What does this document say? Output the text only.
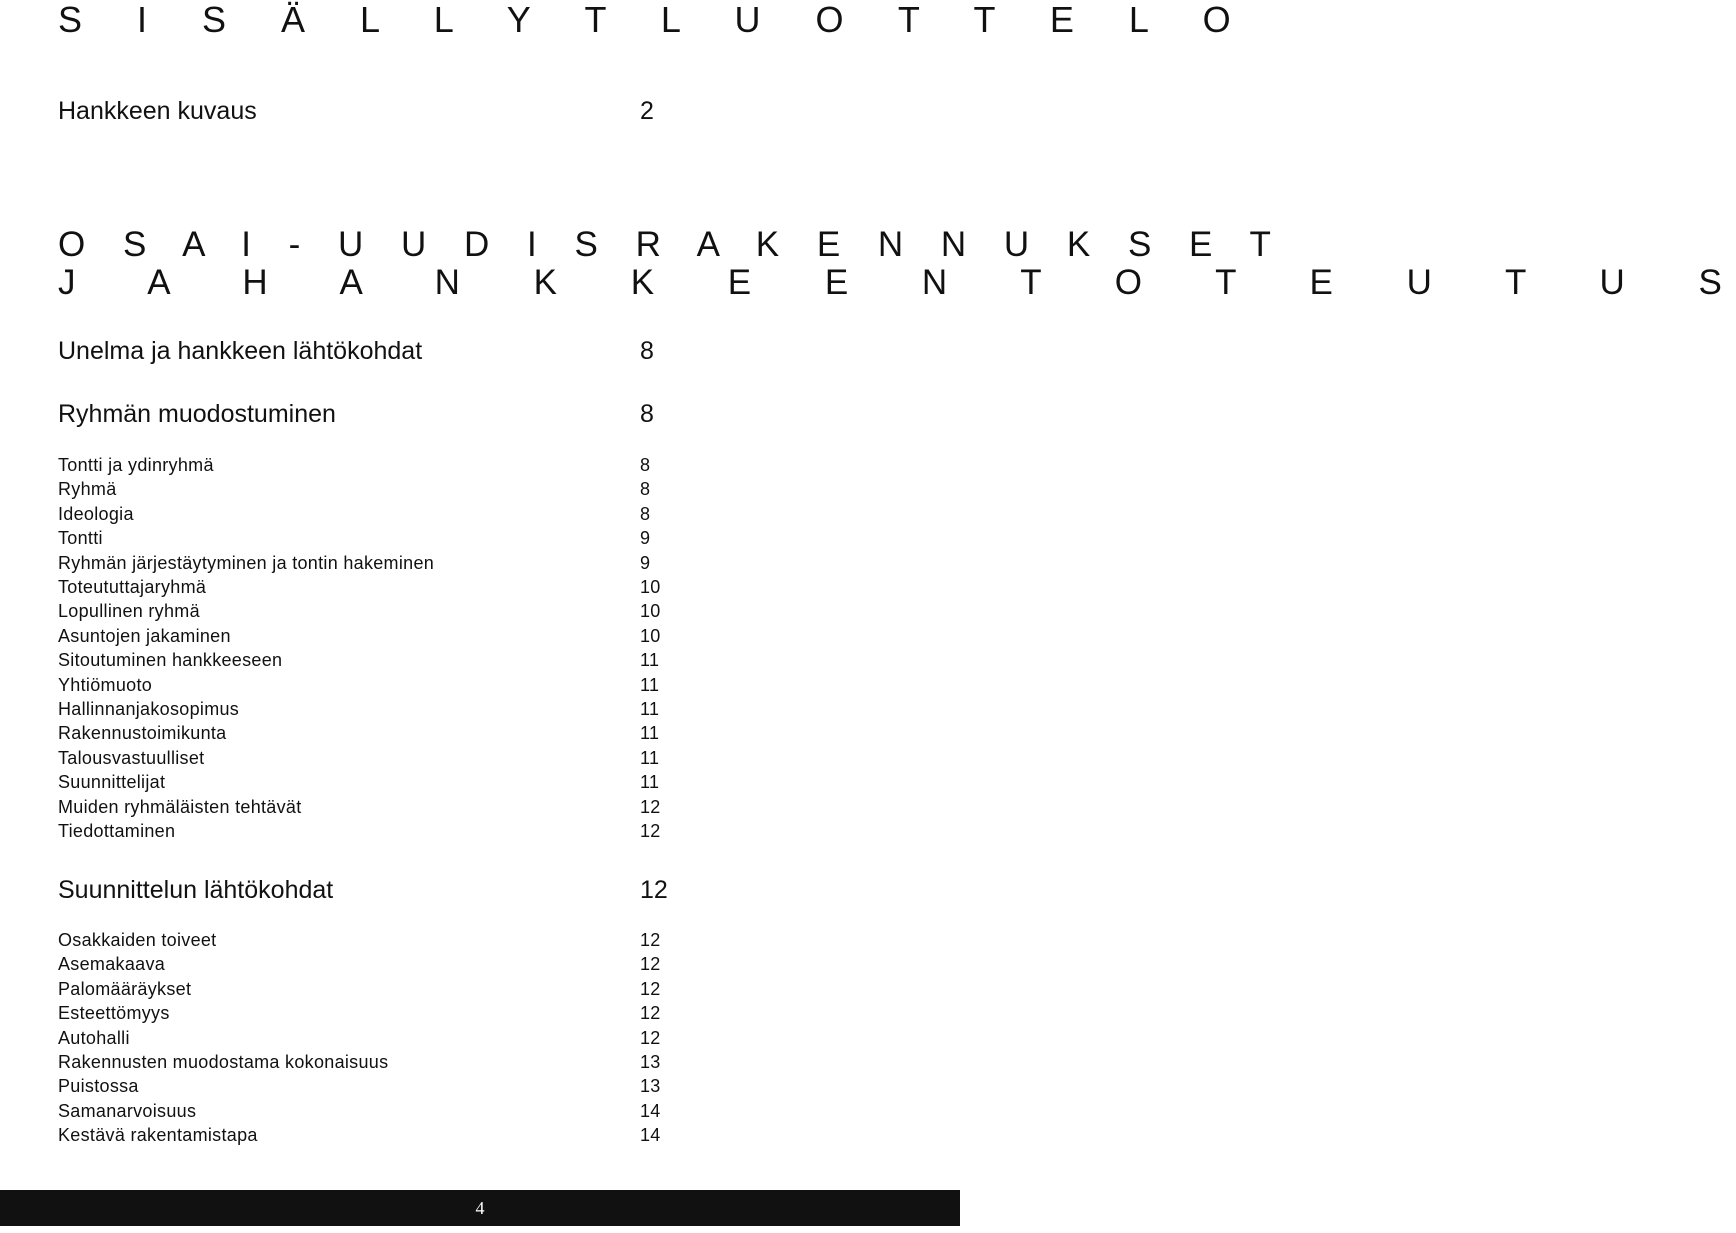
S I S Ä L L Y T L U O T T E L O
Hankkeen kuvaus	2
O S A I - U U D I S R A K E N N U K S E T
J A H A N K K E E N T O T E U T U S
Unelma ja hankkeen lähtökohdat	8
Ryhmän muodostuminen	8
Tontti ja ydinryhmä	8
Ryhmä	8
Ideologia	8
Tontti	9
Ryhmän järjestäytyminen ja tontin hakeminen	9
Toteututtajaryhmä	10
Lopullinen ryhmä	10
Asuntojen jakaminen	10
Sitoutuminen hankkeeseen	11
Yhtiömuoto	11
Hallinnanjakosopimus	11
Rakennustoimikunta	11
Talousvastuulliset	11
Suunnittelijat	11
Muiden ryhmäläisten tehtävät	12
Tiedottaminen	12
Suunnittelun lähtökohdat	12
Osakkaiden toiveet	12
Asemakaava	12
Palomääräykset	12
Esteettömyys	12
Autohalli	12
Rakennusten muodostama kokonaisuus	13
Puistossa	13
Samanarvoisuus	14
Kestävä rakentamistapa	14
4
